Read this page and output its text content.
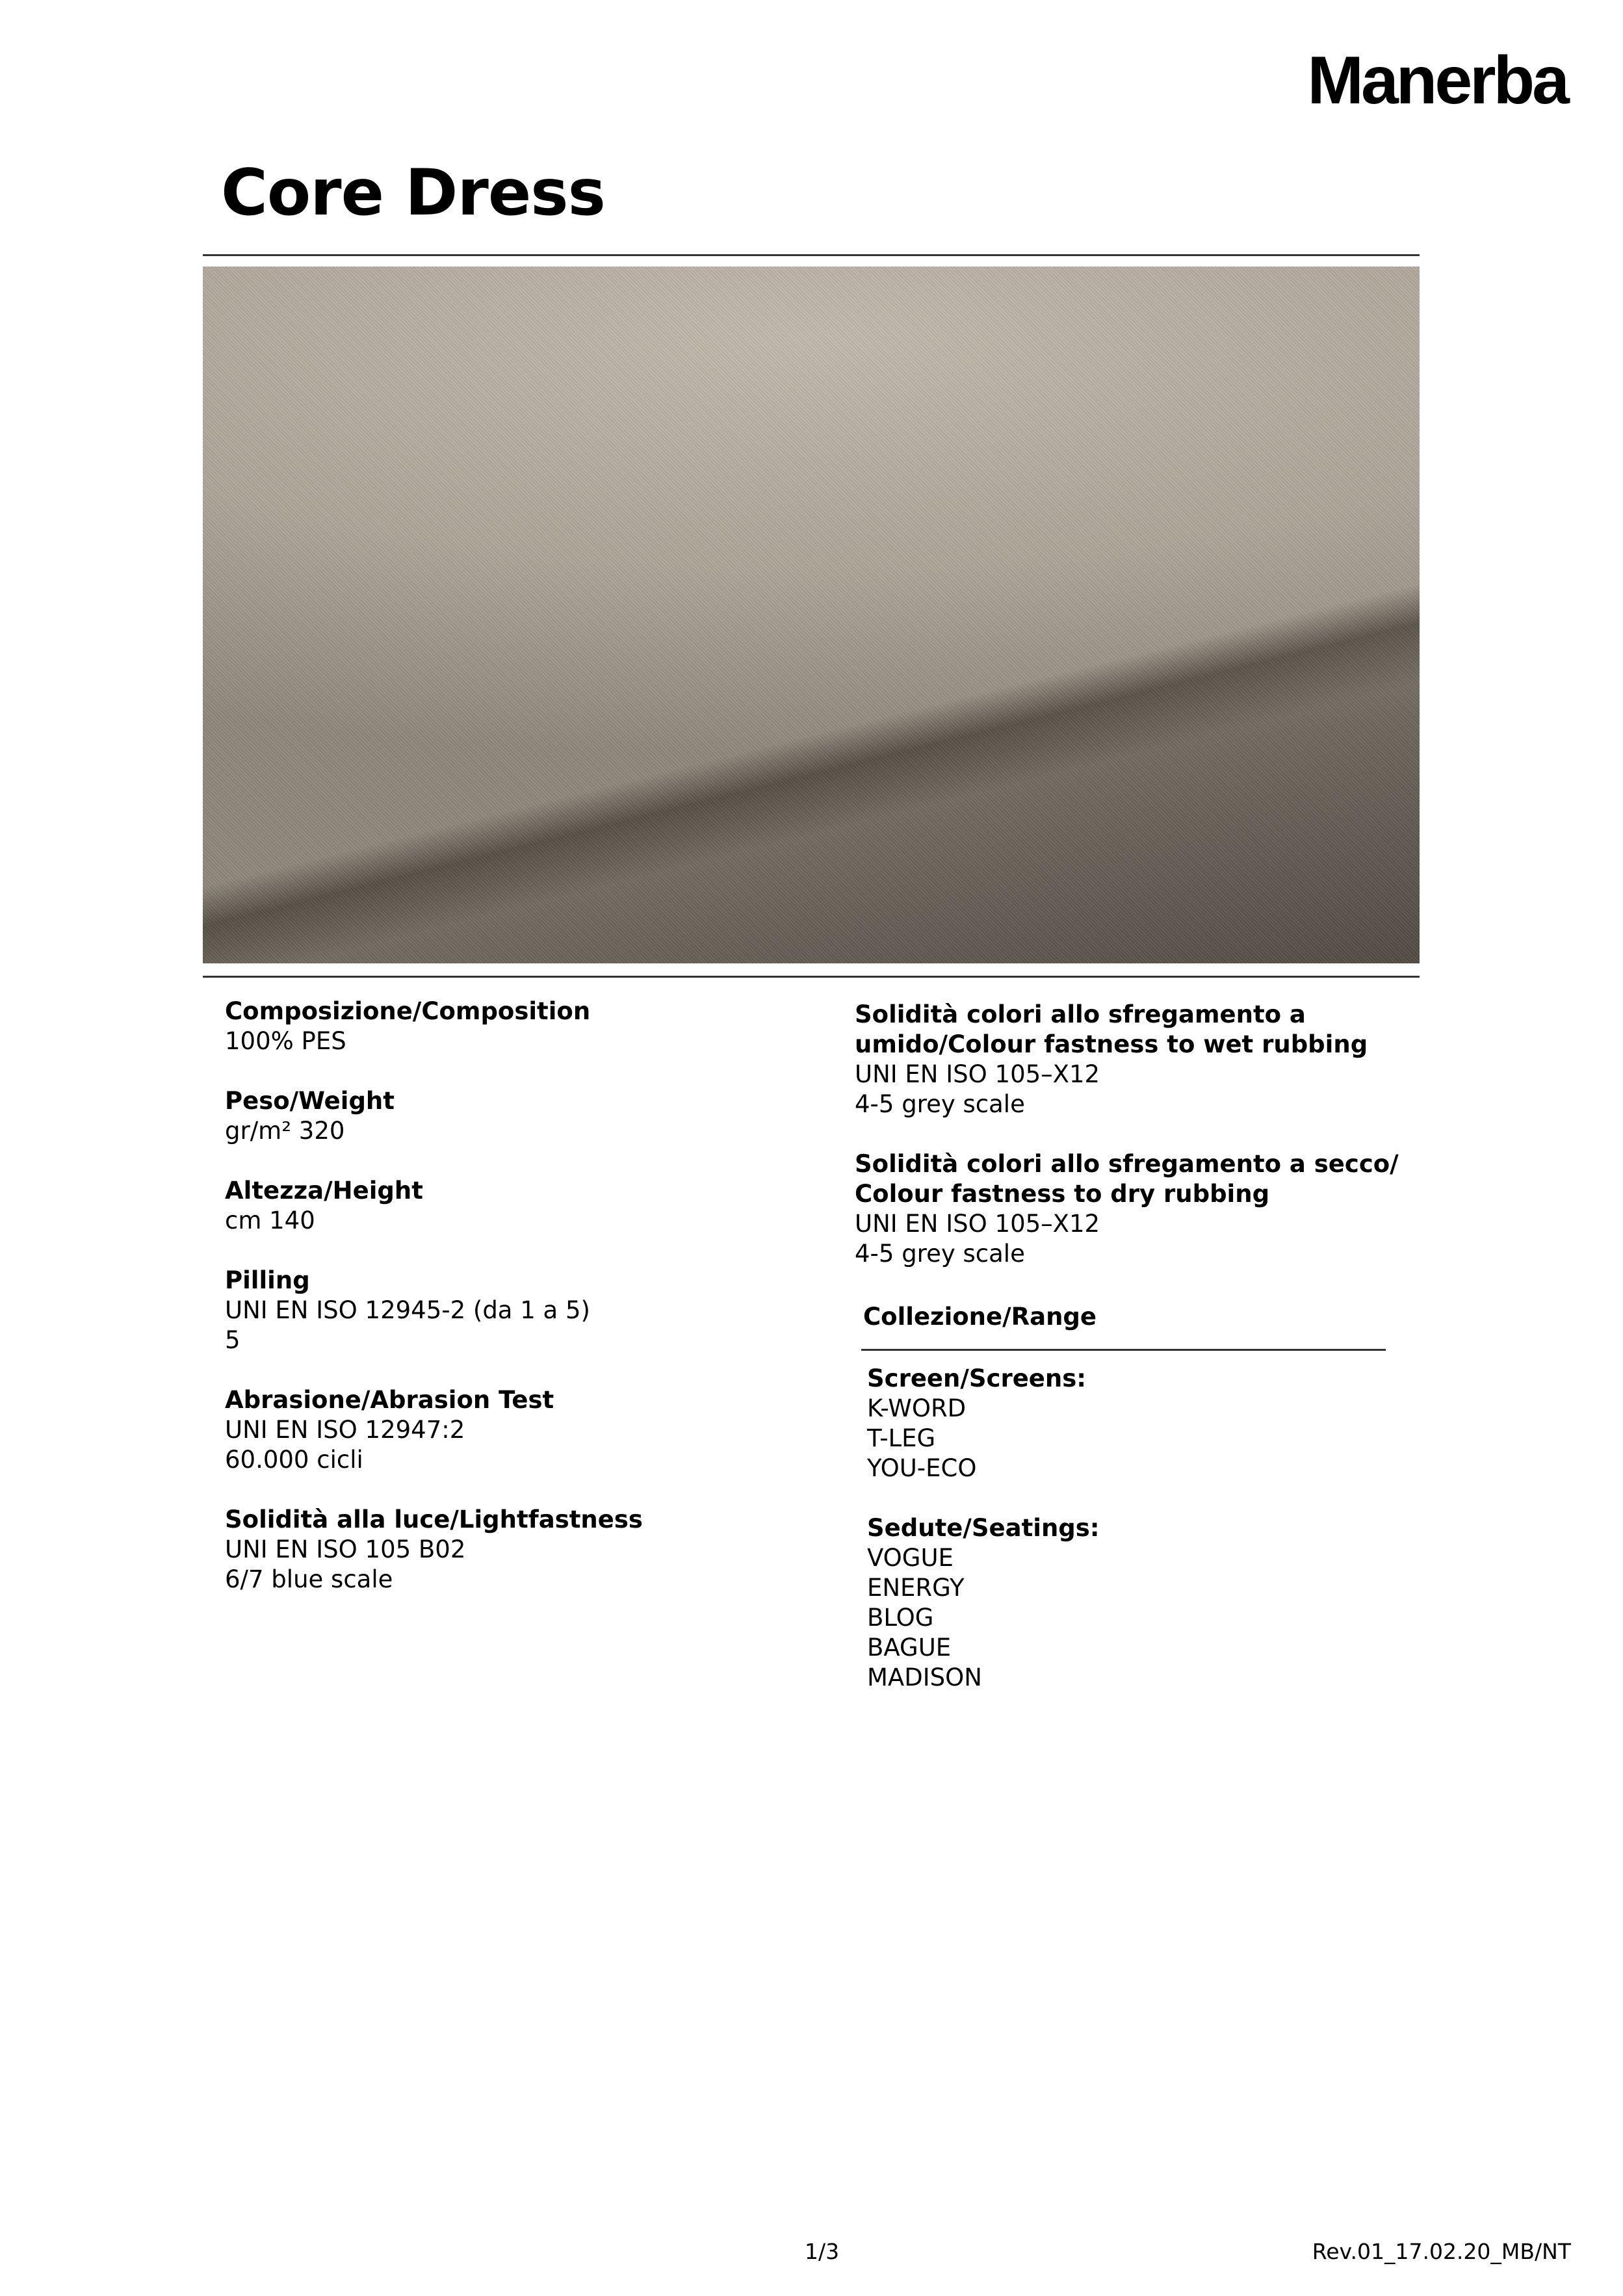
Manerba
Core Dress
Composizione/Composition
100% PES
Peso/Weight
gr/m² 320
Altezza/Height
cm 140
Pilling
UNI EN ISO 12945-2 (da 1 a 5)
5
Abrasione/Abrasion Test
UNI EN ISO 12947:2
60.000 cicli
Solidità alla luce/Lightfastness
UNI EN ISO 105 B02
6/7 blue scale
Solidità colori allo sfregamento a
umido/Colour fastness to wet rubbing
UNI EN ISO 105–X12
4-5 grey scale
Solidità colori allo sfregamento a secco/
Colour fastness to dry rubbing
UNI EN ISO 105–X12
4-5 grey scale
Collezione/Range
Screen/Screens:
K-WORD
T-LEG
YOU-ECO
Sedute/Seatings:
VOGUE
ENERGY
BLOG
BAGUE
MADISON
1/3	Rev.01_17.02.20_MB/NT
